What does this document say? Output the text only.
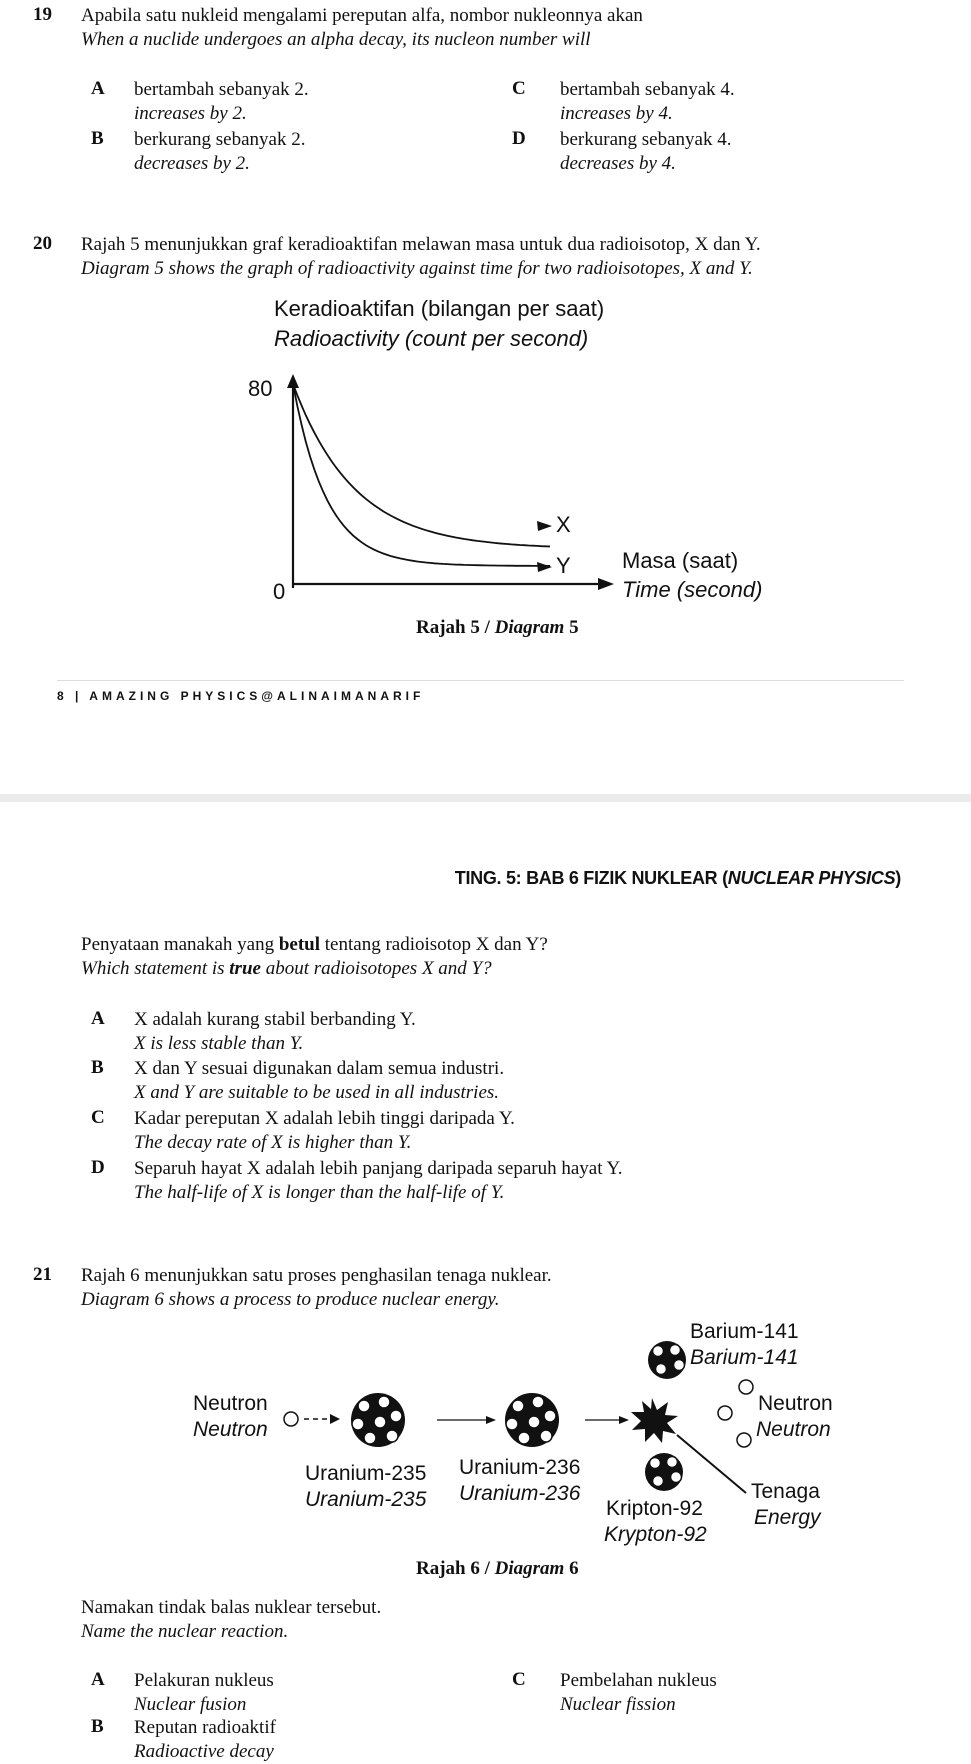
19 Apabila satu nukleid mengalami pereputan alfa, nombor nukleonnya akan
When a nuclide undergoes an alpha decay, its nucleon number will
A bertambah sebanyak 2.
increases by 2.
B berkurang sebanyak 2.
decreases by 2.
C bertambah sebanyak 4.
increases by 4.
D berkurang sebanyak 4.
decreases by 4.
20 Rajah 5 menunjukkan graf keradioaktifan melawan masa untuk dua radioisotop, X dan Y.
Diagram 5 shows the graph of radioactivity against time for two radioisotopes, X and Y.
Keradioaktifan (bilangan per saat)
Radioactivity (count per second)
80
0
X
Y Masa (saat)
Time (second)
Rajah 5 / Diagram 5
8 | AMAZING PHYSICS@ALINAIMANARIF
TING. 5: BAB 6 FIZIK NUKLEAR (NUCLEAR PHYSICS)
Penyataan manakah yang betul tentang radioisotop X dan Y?
Which statement is true about radioisotopes X and Y?
A X adalah kurang stabil berbanding Y.
X is less stable than Y.
B X dan Y sesuai digunakan dalam semua industri.
X and Y are suitable to be used in all industries.
C Kadar pereputan X adalah lebih tinggi daripada Y.
The decay rate of X is higher than Y.
D Separuh hayat X adalah lebih panjang daripada separuh hayat Y.
The half-life of X is longer than the half-life of Y.
21 Rajah 6 menunjukkan satu proses penghasilan tenaga nuklear.
Diagram 6 shows a process to produce nuclear energy.
Neutron
Neutron
Uranium-235
Uranium-235
Uranium-236
Uranium-236
Barium-141
Barium-141
Kripton-92
Krypton-92
Neutron
Neutron
Tenaga
Energy
Rajah 6 / Diagram 6
Namakan tindak balas nuklear tersebut.
Name the nuclear reaction.
A Pelakuran nukleus
Nuclear fusion
B Reputan radioaktif
Radioactive decay
C Pembelahan nukleus
Nuclear fission
